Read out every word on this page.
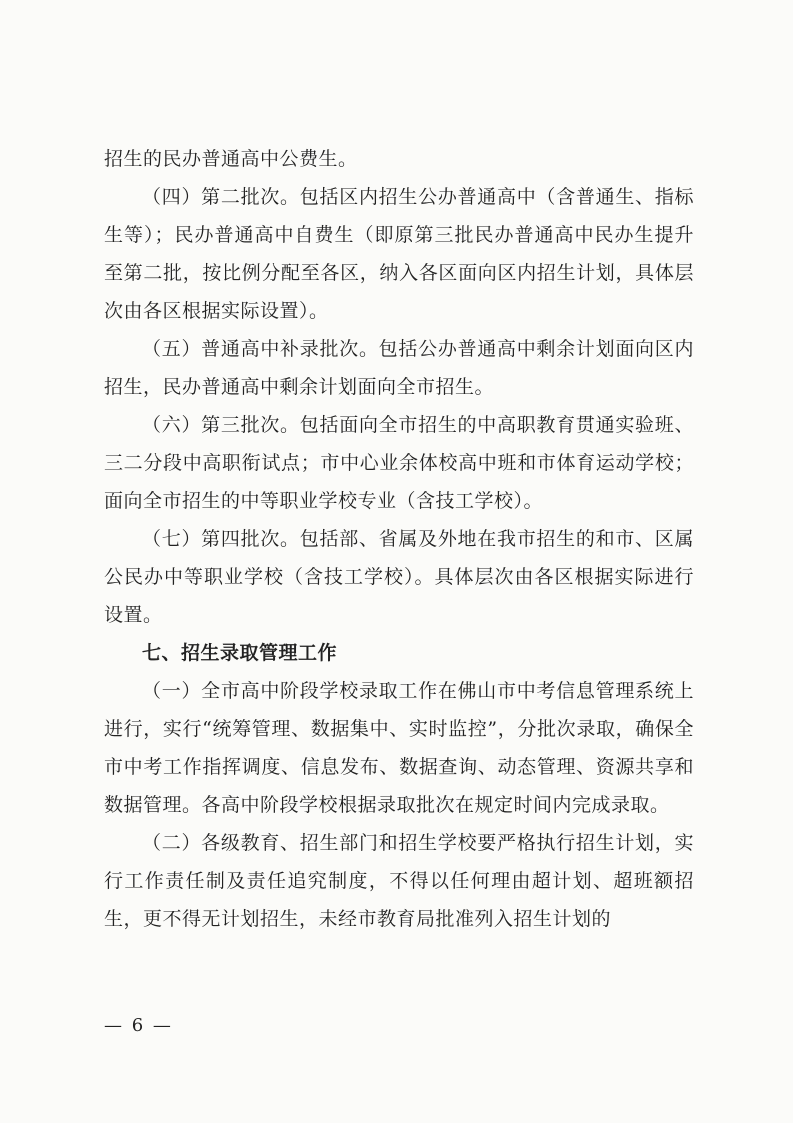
招生的民办普通高中公费生。

（四）第二批次。包括区内招生公办普通高中（含普通生、指标生等）；民办普通高中自费生（即原第三批民办普通高中民办生提升至第二批，按比例分配至各区，纳入各区面向区内招生计划，具体层次由各区根据实际设置）。

（五）普通高中补录批次。包括公办普通高中剩余计划面向区内招生，民办普通高中剩余计划面向全市招生。

（六）第三批次。包括面向全市招生的中高职教育贯通实验班、三二分段中高职衔试点；市中心业余体校高中班和市体育运动学校；面向全市招生的中等职业学校专业（含技工学校）。

（七）第四批次。包括部、省属及外地在我市招生的和市、区属公民办中等职业学校（含技工学校）。具体层次由各区根据实际进行设置。

七、招生录取管理工作

（一）全市高中阶段学校录取工作在佛山市中考信息管理系统上进行，实行“统筹管理、数据集中、实时监控”，分批次录取，确保全市中考工作指挥调度、信息发布、数据查询、动态管理、资源共享和数据管理。各高中阶段学校根据录取批次在规定时间内完成录取。

（二）各级教育、招生部门和招生学校要严格执行招生计划，实行工作责任制及责任追究制度，不得以任何理由超计划、超班额招生，更不得无计划招生，未经市教育局批准列入招生计划的

— 6 —
